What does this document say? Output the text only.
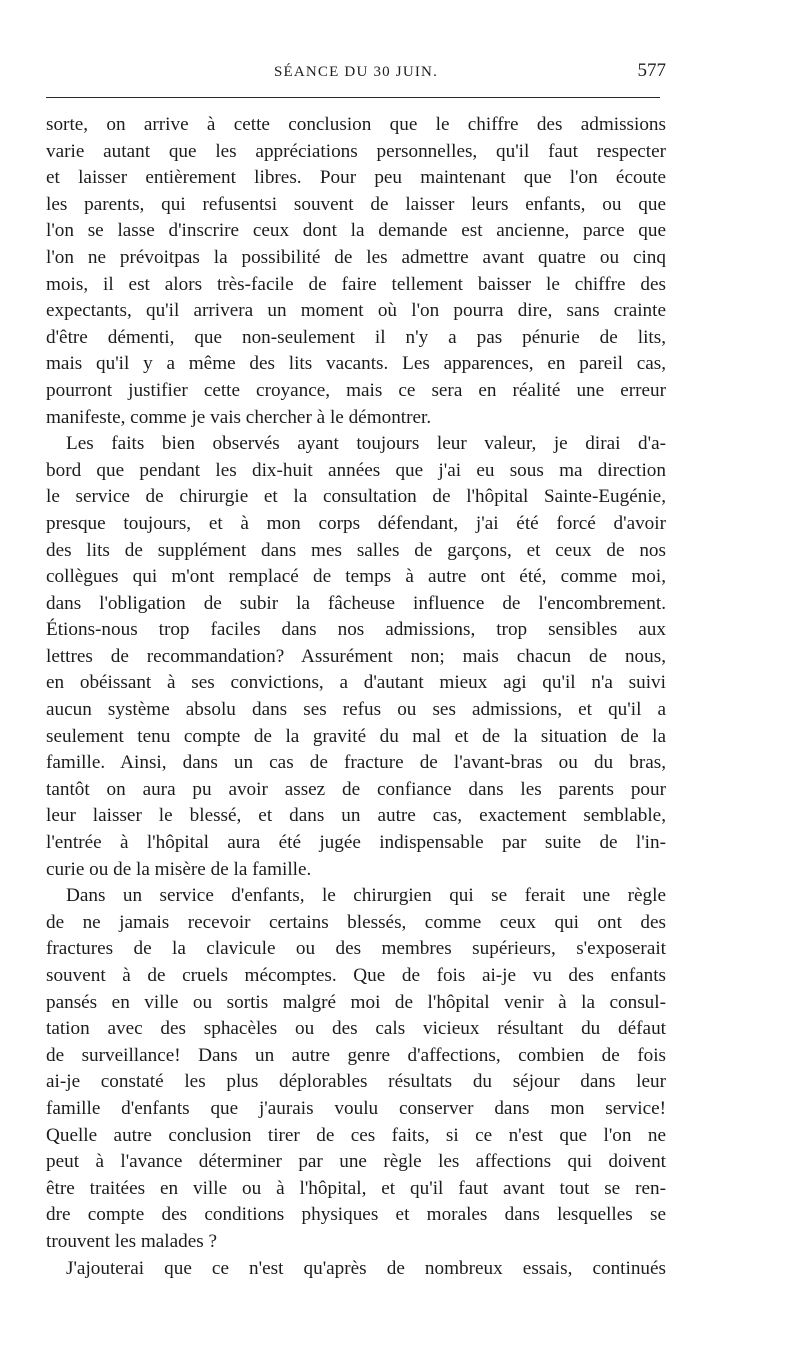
SÉANCE DU 30 JUIN.	577
sorte, on arrive à cette conclusion que le chiffre des admissions
varie autant que les appréciations personnelles, qu'il faut respecter
et laisser entièrement libres. Pour peu maintenant que l'on écoute
les parents, qui refusentsi souvent de laisser leurs enfants, ou que
l'on se lasse d'inscrire ceux dont la demande est ancienne, parce que
l'on ne prévoitpas la possibilité de les admettre avant quatre ou cinq
mois, il est alors très-facile de faire tellement baisser le chiffre des
expectants, qu'il arrivera un moment où l'on pourra dire, sans crainte
d'être démenti, que non-seulement il n'y a pas pénurie de lits,
mais qu'il y a même des lits vacants. Les apparences, en pareil cas,
pourront justifier cette croyance, mais ce sera en réalité une erreur
manifeste, comme je vais chercher à le démontrer.
Les faits bien observés ayant toujours leur valeur, je dirai d'a-
bord que pendant les dix-huit années que j'ai eu sous ma direction
le service de chirurgie et la consultation de l'hôpital Sainte-Eugénie,
presque toujours, et à mon corps défendant, j'ai été forcé d'avoir
des lits de supplément dans mes salles de garçons, et ceux de nos
collègues qui m'ont remplacé de temps à autre ont été, comme moi,
dans l'obligation de subir la fâcheuse influence de l'encombrement.
Étions-nous trop faciles dans nos admissions, trop sensibles aux
lettres de recommandation? Assurément non; mais chacun de nous,
en obéissant à ses convictions, a d'autant mieux agi qu'il n'a suivi
aucun système absolu dans ses refus ou ses admissions, et qu'il a
seulement tenu compte de la gravité du mal et de la situation de la
famille. Ainsi, dans un cas de fracture de l'avant-bras ou du bras,
tantôt on aura pu avoir assez de confiance dans les parents pour
leur laisser le blessé, et dans un autre cas, exactement semblable,
l'entrée à l'hôpital aura été jugée indispensable par suite de l'in-
curie ou de la misère de la famille.
Dans un service d'enfants, le chirurgien qui se ferait une règle
de ne jamais recevoir certains blessés, comme ceux qui ont des
fractures de la clavicule ou des membres supérieurs, s'exposerait
souvent à de cruels mécomptes. Que de fois ai-je vu des enfants
pansés en ville ou sortis malgré moi de l'hôpital venir à la consul-
tation avec des sphacèles ou des cals vicieux résultant du défaut
de surveillance! Dans un autre genre d'affections, combien de fois
ai-je constaté les plus déplorables résultats du séjour dans leur
famille d'enfants que j'aurais voulu conserver dans mon service!
Quelle autre conclusion tirer de ces faits, si ce n'est que l'on ne
peut à l'avance déterminer par une règle les affections qui doivent
être traitées en ville ou à l'hôpital, et qu'il faut avant tout se ren-
dre compte des conditions physiques et morales dans lesquelles se
trouvent les malades ?
J'ajouterai que ce n'est qu'après de nombreux essais, continués
